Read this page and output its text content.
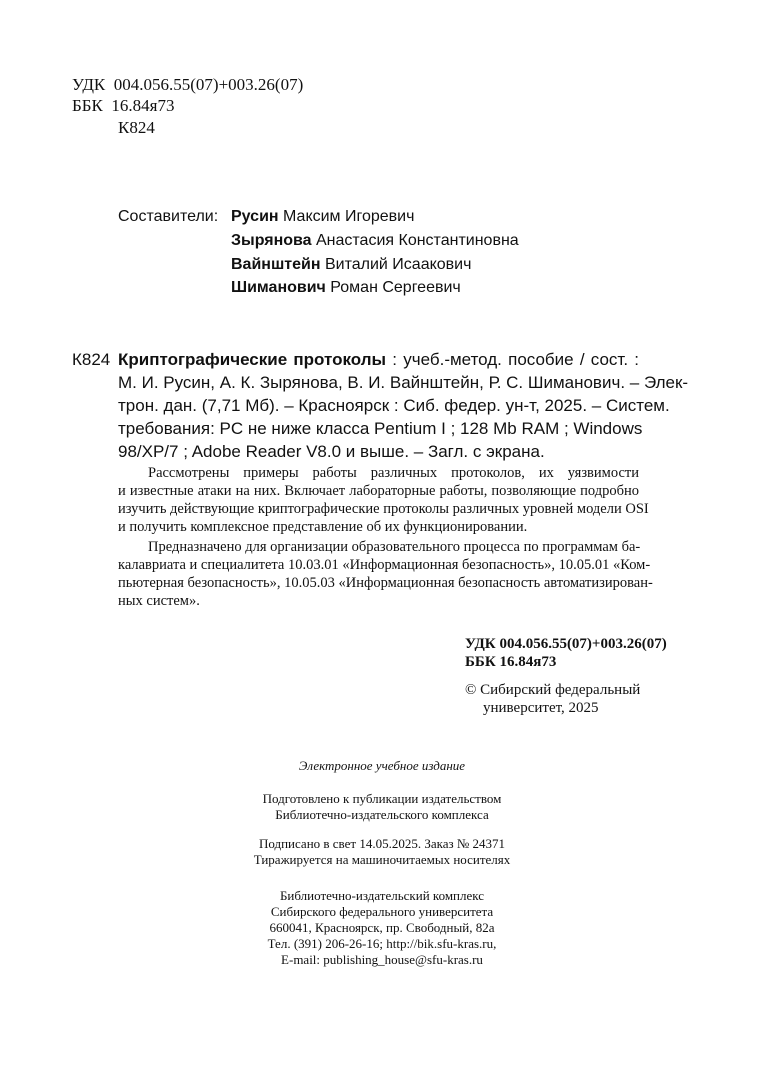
УДК 004.056.55(07)+003.26(07)
ББК 16.84я73
К824
Составители: Русин Максим Игоревич
Зырянова Анастасия Константиновна
Вайнштейн Виталий Исаакович
Шиманович Роман Сергеевич
К824 Криптографические протоколы : учеб.-метод. пособие / сост. :
М. И. Русин, А. К. Зырянова, В. И. Вайнштейн, Р. С. Шиманович. – Элек-
трон. дан. (7,71 Мб). – Красноярск : Сиб. федер. ун-т, 2025. – Систем.
требования: PC не ниже класса Pentium I ; 128 Mb RAM ; Windows
98/XP/7 ; Adobe Reader V8.0 и выше. – Загл. с экрана.
Рассмотрены примеры работы различных протоколов, их уязвимости
и известные атаки на них. Включает лабораторные работы, позволяющие подробно
изучить действующие криптографические протоколы различных уровней модели OSI
и получить комплексное представление об их функционировании.
Предназначено для организации образовательного процесса по программам ба-
калавриата и специалитета 10.03.01 «Информационная безопасность», 10.05.01 «Ком-
пьютерная безопасность», 10.05.03 «Информационная безопасность автоматизирован-
ных систем».
УДК 004.056.55(07)+003.26(07)
ББК 16.84я73
© Сибирский федеральный
университет, 2025
Электронное учебное издание
Подготовлено к публикации издательством
Библиотечно-издательского комплекса
Подписано в свет 14.05.2025. Заказ № 24371
Тиражируется на машиночитаемых носителях
Библиотечно-издательский комплекс
Сибирского федерального университета
660041, Красноярск, пр. Свободный, 82а
Тел. (391) 206-26-16; http://bik.sfu-kras.ru,
E-mail: publishing_house@sfu-kras.ru
